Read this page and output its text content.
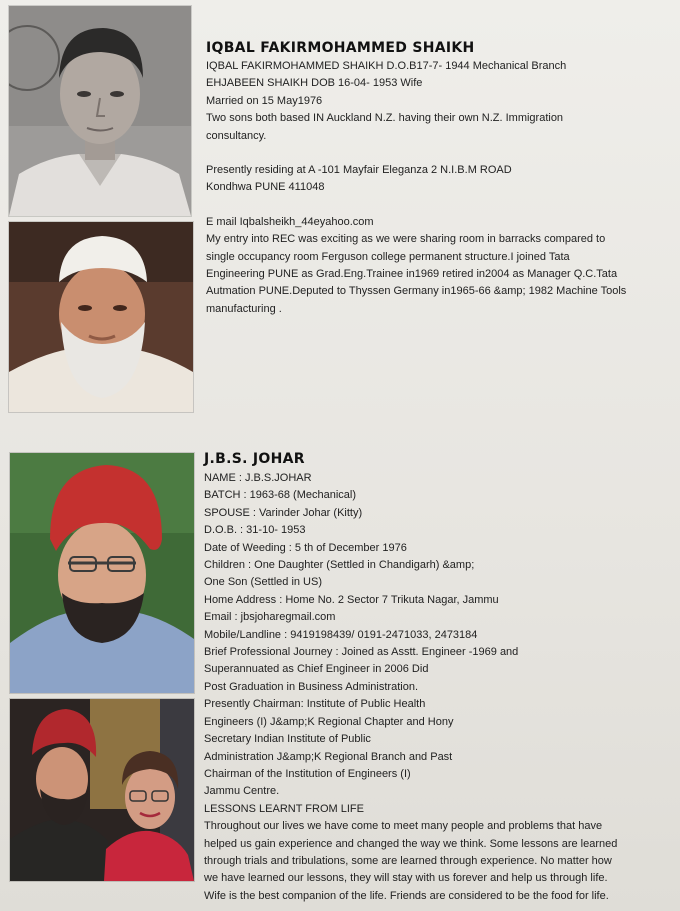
IQBAL FAKIRMOHAMMED SHAIKH
IQBAL FAKIRMOHAMMED SHAIKH D.O.B17-7- 1944 Mechanical Branch
EHJABEEN SHAIKH DOB 16-04- 1953 Wife
Married on 15 May1976
Two sons both based IN Auckland N.Z. having their own N.Z. Immigration
consultancy.
Presently residing at A -101 Mayfair Eleganza 2 N.I.B.M ROAD
Kondhwa PUNE 411048
E mail Iqbalsheikh_44eyahoo.com
My entry into REC was exciting as we were sharing room in barracks compared to
single occupancy room Ferguson college permanent structure.I joined Tata
Engineering PUNE as Grad.Eng.Trainee in1969 retired in2004 as Manager Q.C.Tata
Autmation PUNE.Deputed to Thyssen Germany in1965-66 &amp; 1982 Machine Tools
manufacturing .
J.B.S. JOHAR
NAME : J.B.S.JOHAR
BATCH : 1963-68 (Mechanical)
SPOUSE : Varinder Johar (Kitty)
D.O.B. : 31-10- 1953
Date of Weeding : 5 th of December 1976
Children : One Daughter (Settled in Chandigarh) &amp;
One Son (Settled in US)
Home Address : Home No. 2 Sector 7 Trikuta Nagar, Jammu
Email : jbsjoharegmail.com
Mobile/Landline : 9419198439/ 0191-2471033, 2473184
Brief Professional Journey : Joined as Asstt. Engineer -1969 and
Superannuated as Chief Engineer in 2006 Did
Post Graduation in Business Administration.
Presently Chairman: Institute of Public Health
Engineers (I) J&amp;K Regional Chapter and Hony
Secretary Indian Institute of Public
Administration J&amp;K Regional Branch and Past
Chairman of the Institution of Engineers (I)
Jammu Centre.
LESSONS LEARNT FROM LIFE
Throughout our lives we have come to meet many people and problems that have
helped us gain experience and changed the way we think. Some lessons are learned
through trials and tribulations, some are learned through experience. No matter how
we have learned our lessons, they will stay with us forever and help us through life.
Wife is the best companion of the life. Friends are considered to be the food for life.
